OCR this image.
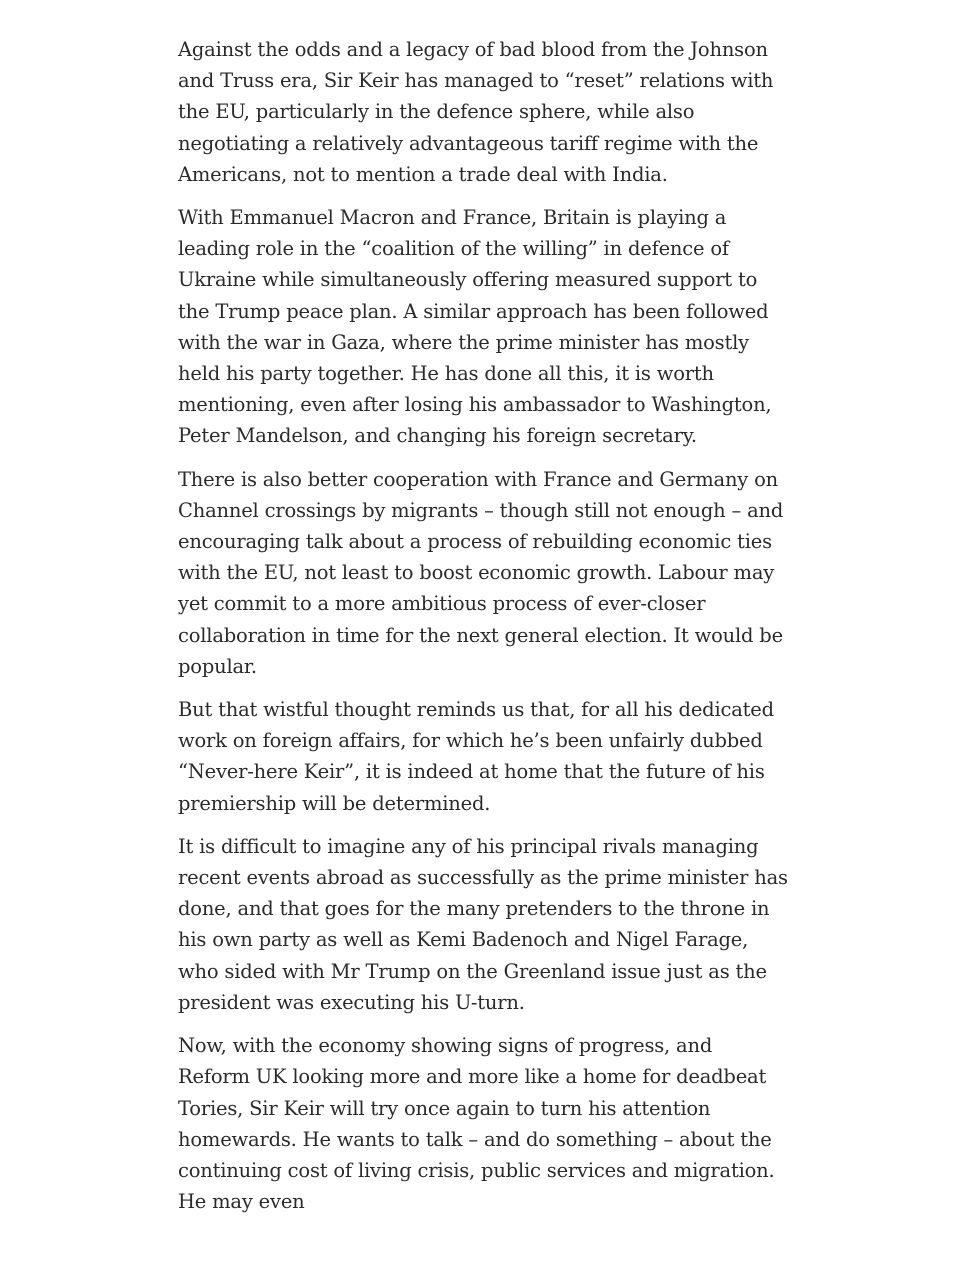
Against the odds and a legacy of bad blood from the Johnson and Truss era, Sir Keir has managed to “reset” relations with the EU, particularly in the defence sphere, while also negotiating a relatively advantageous tariff regime with the Americans, not to mention a trade deal with India.

With Emmanuel Macron and France, Britain is playing a leading role in the “coalition of the willing” in defence of Ukraine while simultaneously offering measured support to the Trump peace plan. A similar approach has been followed with the war in Gaza, where the prime minister has mostly held his party together. He has done all this, it is worth mentioning, even after losing his ambassador to Washington, Peter Mandelson, and changing his foreign secretary.

There is also better cooperation with France and Germany on Channel crossings by migrants – though still not enough – and encouraging talk about a process of rebuilding economic ties with the EU, not least to boost economic growth. Labour may yet commit to a more ambitious process of ever-closer collaboration in time for the next general election. It would be popular.

But that wistful thought reminds us that, for all his dedicated work on foreign affairs, for which he’s been unfairly dubbed “Never-here Keir”, it is indeed at home that the future of his premiership will be determined.

It is difficult to imagine any of his principal rivals managing recent events abroad as successfully as the prime minister has done, and that goes for the many pretenders to the throne in his own party as well as Kemi Badenoch and Nigel Farage, who sided with Mr Trump on the Greenland issue just as the president was executing his U-turn.

Now, with the economy showing signs of progress, and Reform UK looking more and more like a home for deadbeat Tories, Sir Keir will try once again to turn his attention homewards. He wants to talk – and do something – about the continuing cost of living crisis, public services and migration. He may even
